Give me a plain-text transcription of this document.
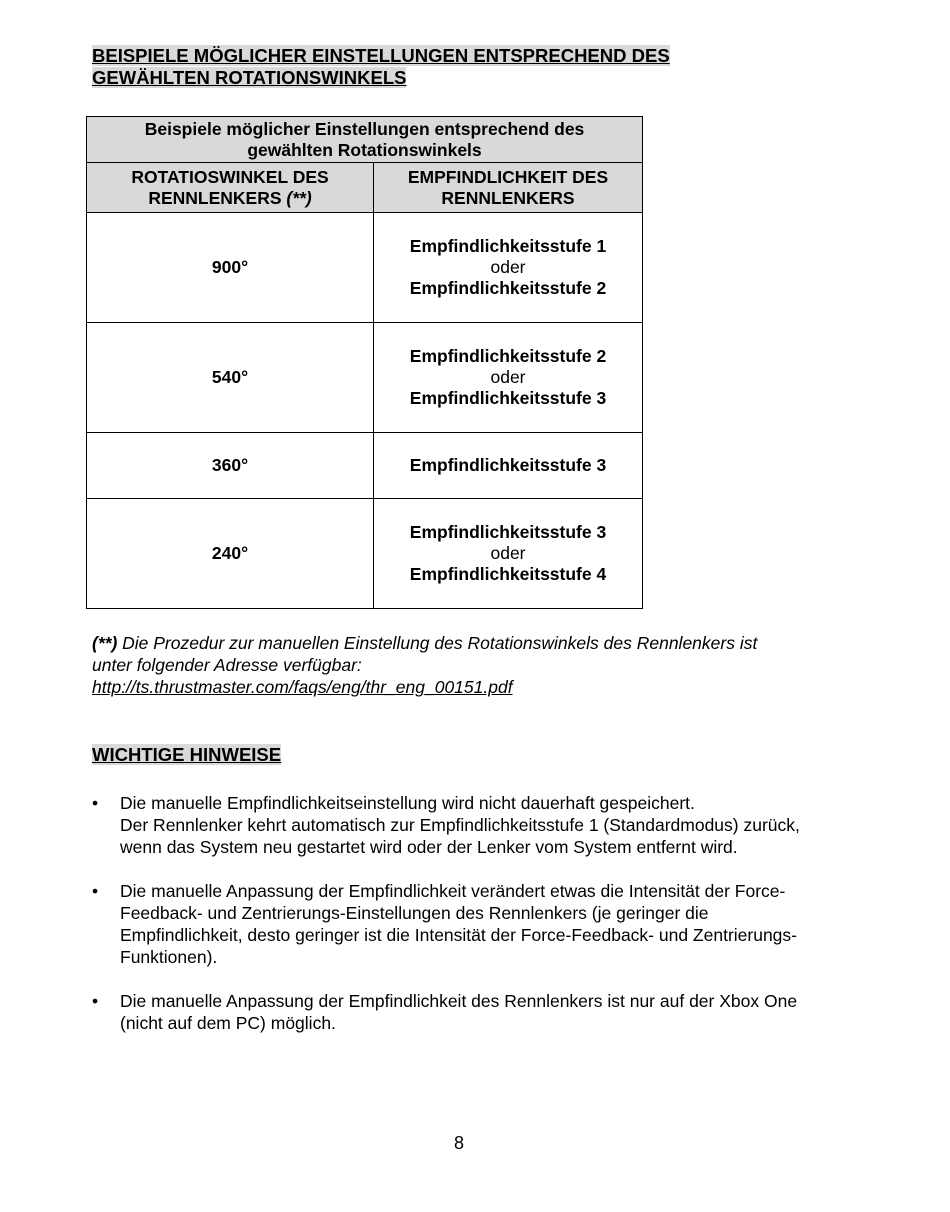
BEISPIELE MÖGLICHER EINSTELLUNGEN ENTSPRECHEND DES GEWÄHLTEN ROTATIONSWINKELS
Beispiele möglicher Einstellungen entsprechend des
gewählten Rotationswinkels	
ROTATIOSWINKEL DES
RENNLENKERS (**)	EMPFINDLICHKEIT DES
RENNLENKERS
900°	Empfindlichkeitsstufe 1
oder
Empfindlichkeitsstufe 2
540°	Empfindlichkeitsstufe 2
oder
Empfindlichkeitsstufe 3
360°	Empfindlichkeitsstufe 3
240°	Empfindlichkeitsstufe 3
oder
Empfindlichkeitsstufe 4
(**) Die Prozedur zur manuellen Einstellung des Rotationswinkels des Rennlenkers ist
unter folgender Adresse verfügbar:
http://ts.thrustmaster.com/faqs/eng/thr_eng_00151.pdf
WICHTIGE HINWEISE
• Die manuelle Empfindlichkeitseinstellung wird nicht dauerhaft gespeichert.
Der Rennlenker kehrt automatisch zur Empfindlichkeitsstufe 1 (Standardmodus) zurück, wenn das System neu gestartet wird oder der Lenker vom System entfernt wird.
• Die manuelle Anpassung der Empfindlichkeit verändert etwas die Intensität der Force-Feedback- und Zentrierungs-Einstellungen des Rennlenkers (je geringer die Empfindlichkeit, desto geringer ist die Intensität der Force-Feedback- und Zentrierungs-Funktionen).
• Die manuelle Anpassung der Empfindlichkeit des Rennlenkers ist nur auf der Xbox One (nicht auf dem PC) möglich.
8
